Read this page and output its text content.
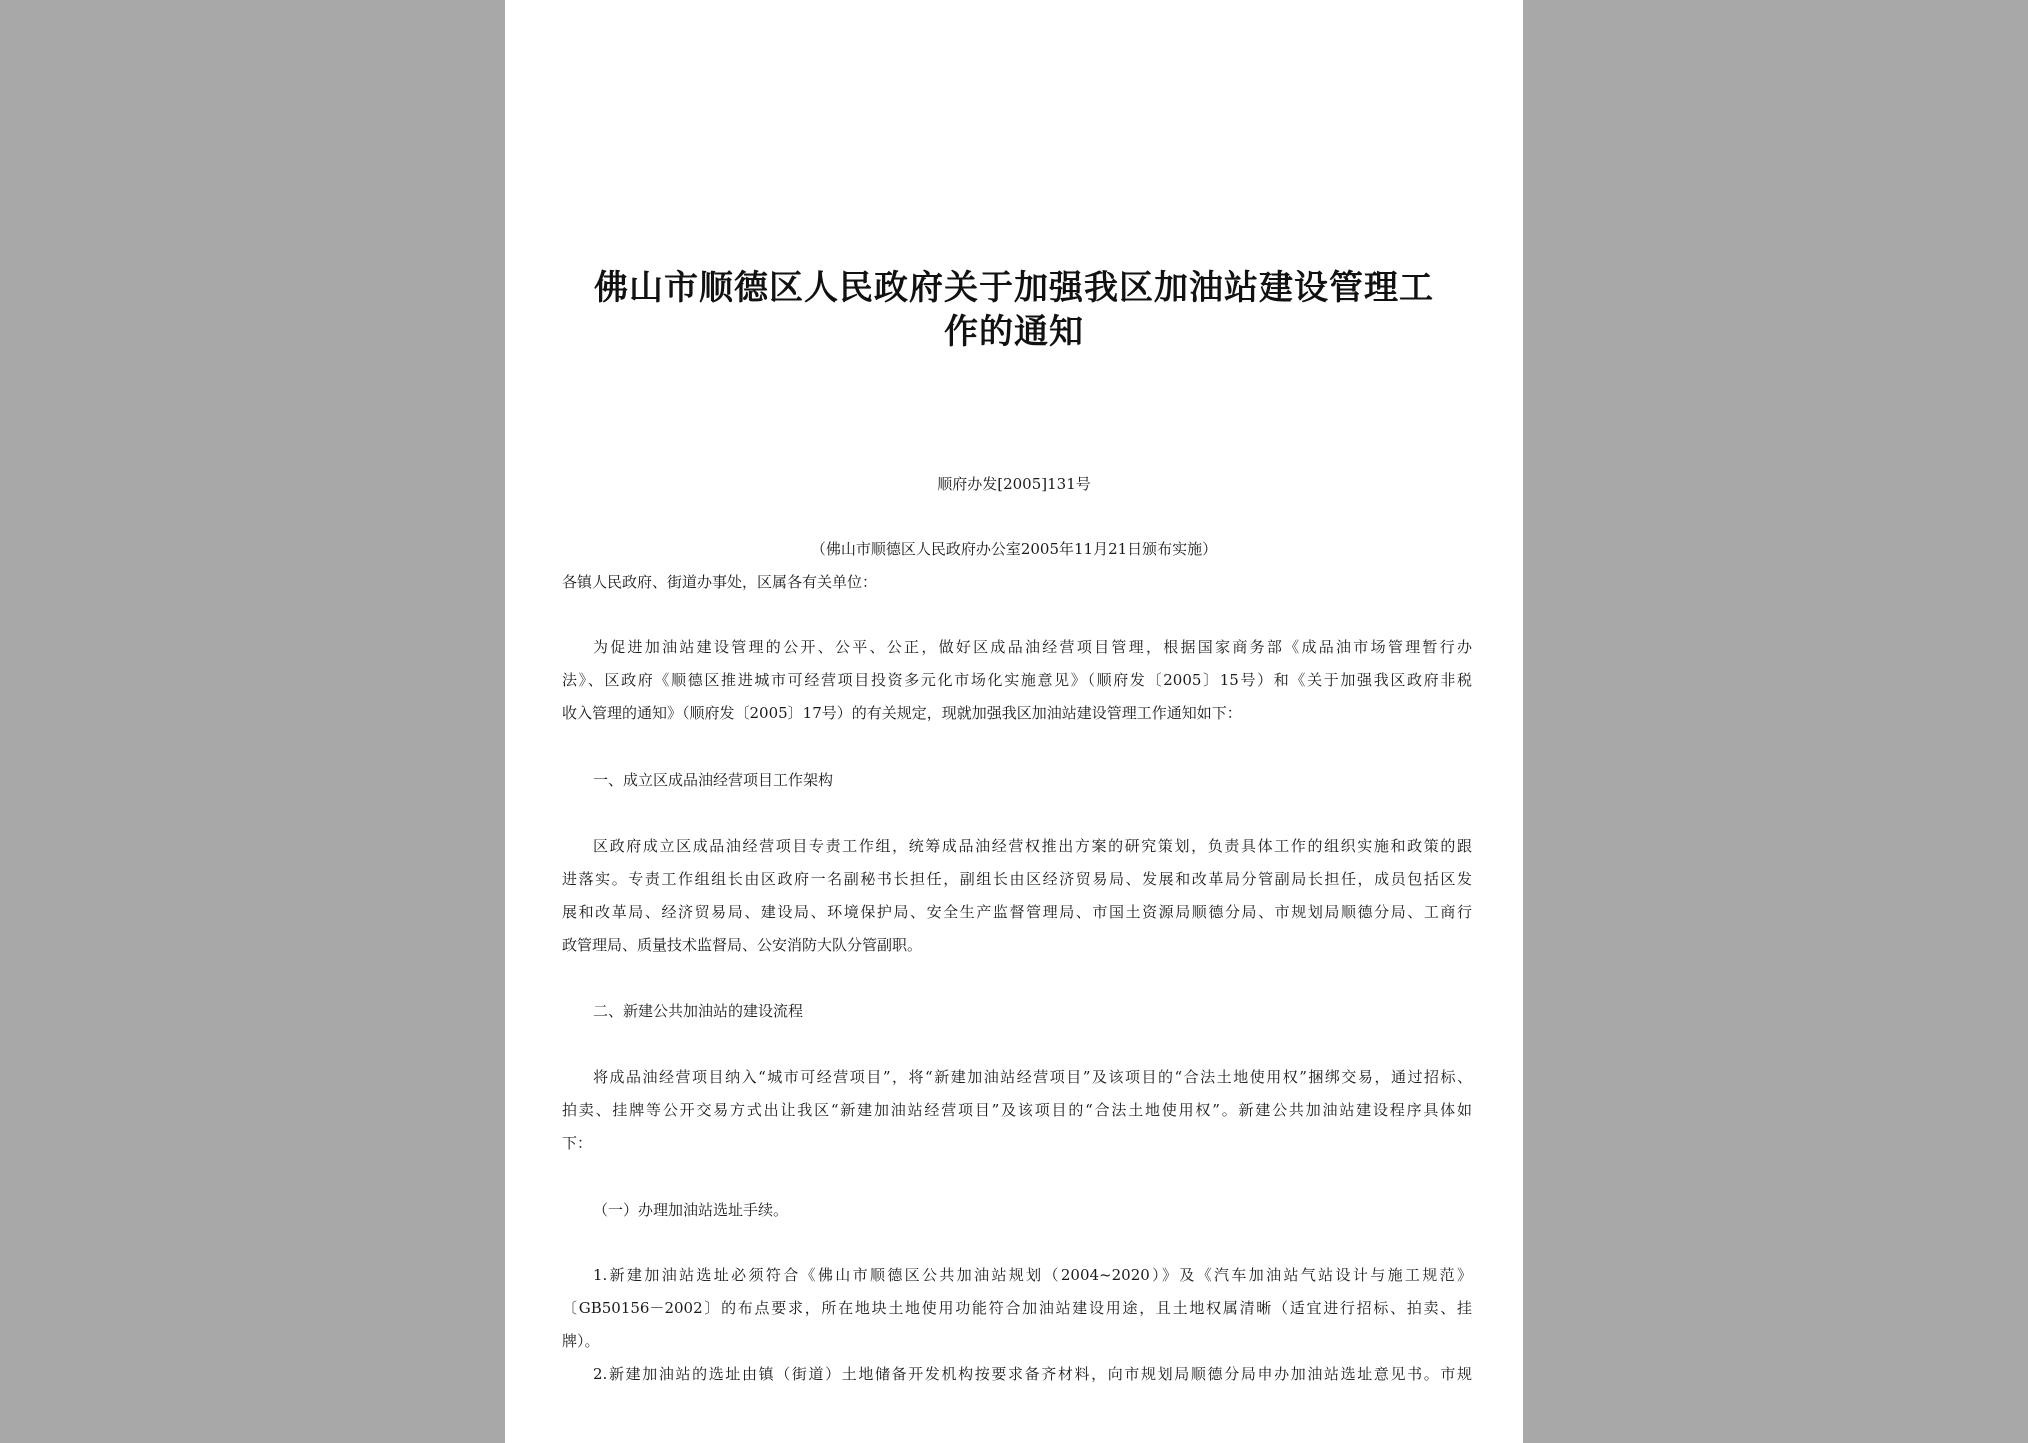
佛山市顺德区人民政府关于加强我区加油站建设管理工
作的通知
顺府办发[2005]131号
（佛山市顺德区人民政府办公室2005年11月21日颁布实施）

各镇人民政府、街道办事处，区属各有关单位：

为促进加油站建设管理的公开、公平、公正，做好区成品油经营项目管理，根据国家商务部《成品油市场管理暂行办

法》、区政府《顺德区推进城市可经营项目投资多元化市场化实施意见》（顺府发〔2005〕15号）和《关于加强我区政府非税

收入管理的通知》（顺府发〔2005〕17号）的有关规定，现就加强我区加油站建设管理工作通知如下：

一、成立区成品油经营项目工作架构

区政府成立区成品油经营项目专责工作组，统筹成品油经营权推出方案的研究策划，负责具体工作的组织实施和政策的跟

进落实。专责工作组组长由区政府一名副秘书长担任，副组长由区经济贸易局、发展和改革局分管副局长担任，成员包括区发

展和改革局、经济贸易局、建设局、环境保护局、安全生产监督管理局、市国土资源局顺德分局、市规划局顺德分局、工商行

政管理局、质量技术监督局、公安消防大队分管副职。

二、新建公共加油站的建设流程

将成品油经营项目纳入“城市可经营项目”，将“新建加油站经营项目”及该项目的“合法土地使用权”捆绑交易，通过招标、

拍卖、挂牌等公开交易方式出让我区“新建加油站经营项目”及该项目的“合法土地使用权”。新建公共加油站建设程序具体如

下：

（一）办理加油站选址手续。

1.新建加油站选址必须符合《佛山市顺德区公共加油站规划（2004~2020）》及《汽车加油站气站设计与施工规范》

〔GB50156－2002〕的布点要求，所在地块土地使用功能符合加油站建设用途，且土地权属清晰（适宜进行招标、拍卖、挂

牌）。

2.新建加油站的选址由镇（街道）土地储备开发机构按要求备齐材料，向市规划局顺德分局申办加油站选址意见书。市规
